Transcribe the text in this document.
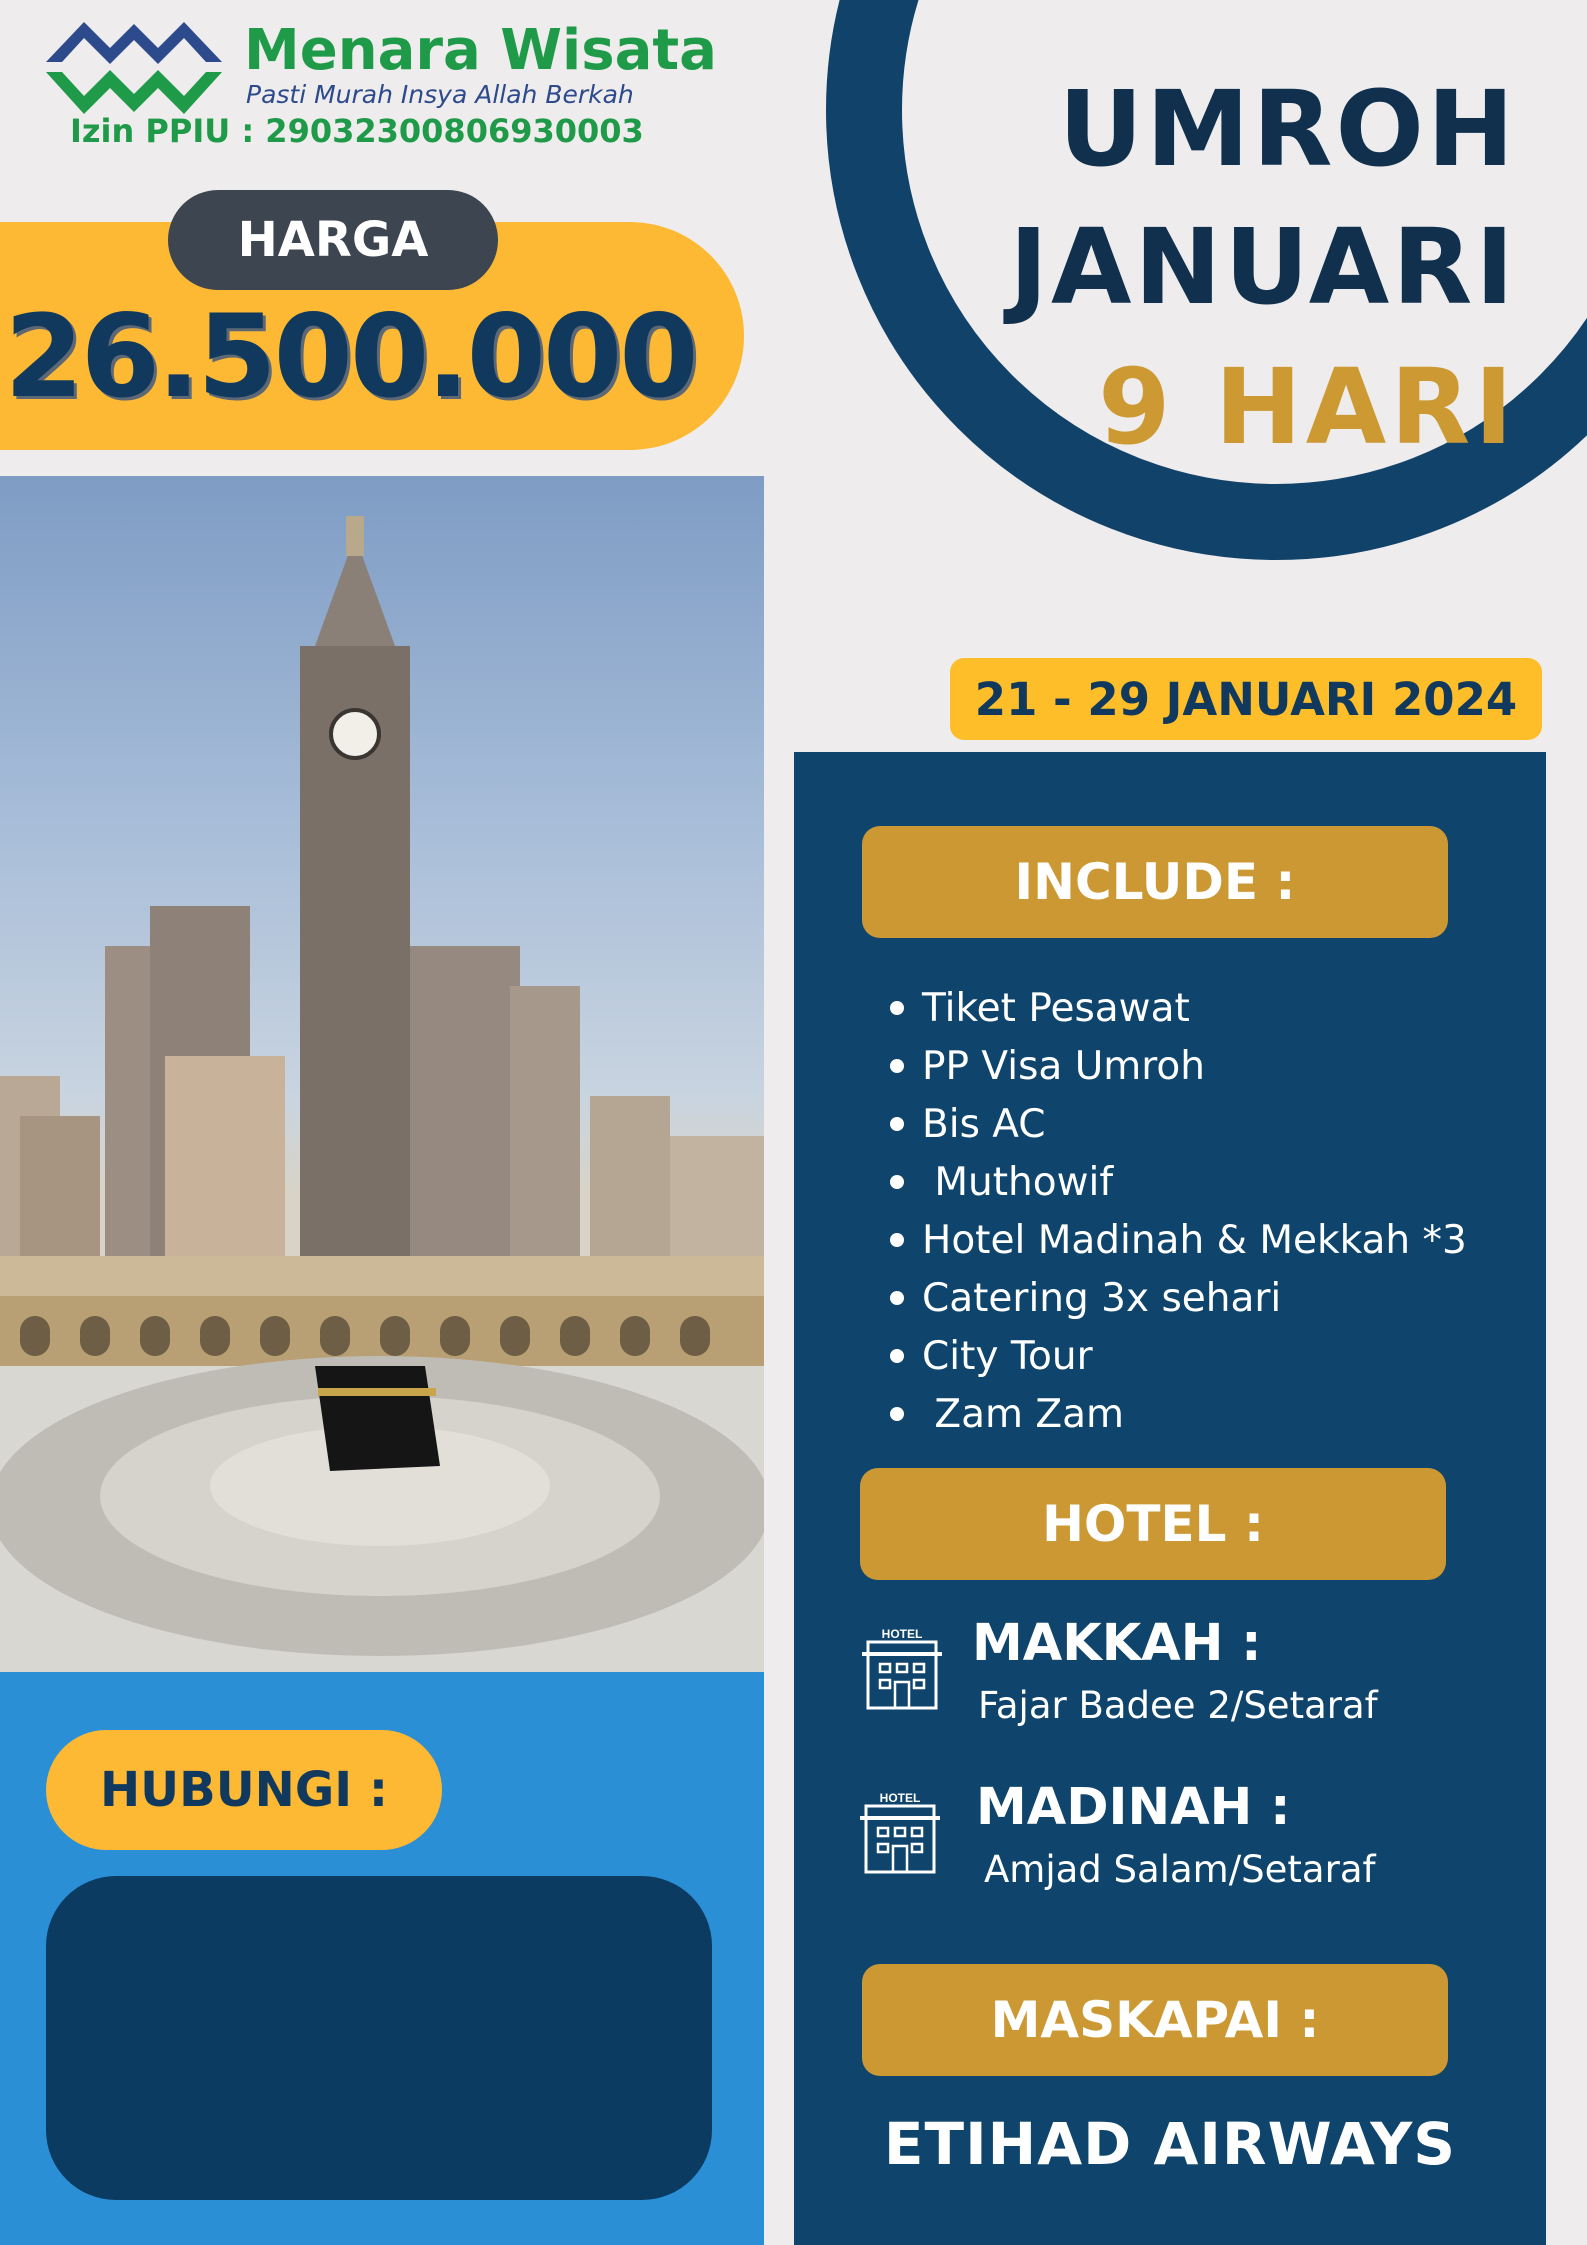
Menara Wisata
Pasti Murah Insya Allah Berkah
Izin PPIU : 29032300806930003
HARGA
26.500.000
UMROH
JANUARI
9 HARI
21 - 29 JANUARI 2024
HUBUNGI :
INCLUDE :
Tiket Pesawat
PP Visa Umroh
Bis AC
Muthowif
Hotel Madinah & Mekkah *3
Catering 3x sehari
City Tour
Zam Zam
HOTEL :
HOTEL MAKKAH :
Fajar Badee 2/Setaraf
HOTEL MADINAH :
Amjad Salam/Setaraf
MASKAPAI :
ETIHAD AIRWAYS
